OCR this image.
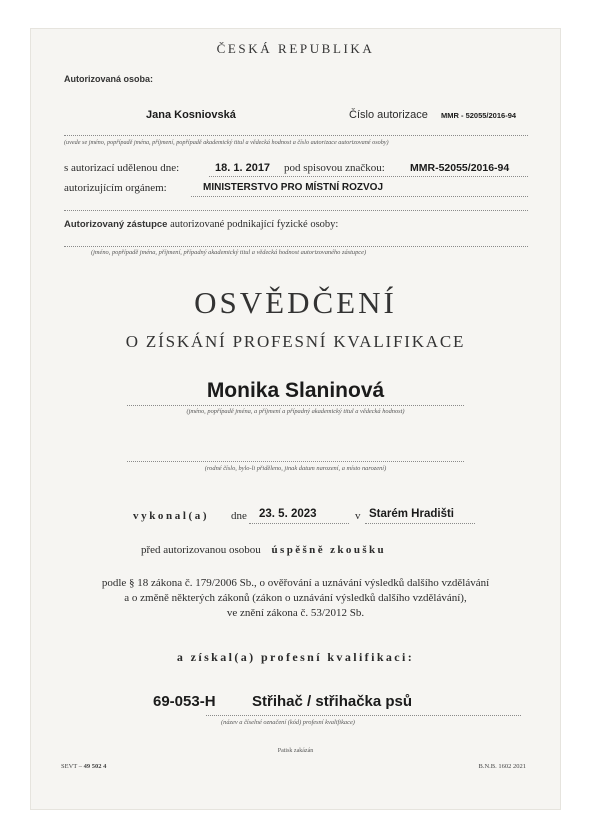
ČESKÁ REPUBLIKA
Autorizovaná osoba:
Jana Kosniovská	Číslo autorizace MMR - 52055/2016-94
(uvede se jméno, popřípadě jména, příjmení, popřípadě akademický titul a vědecká hodnost a číslo autorizace autorizované osoby)
s autorizací udělenou dne:	18. 1. 2017 pod spisovou značkou: MMR-52055/2016-94
autorizujícím orgánem:	MINISTERSTVO PRO MÍSTNÍ ROZVOJ
Autorizovaný zástupce autorizované podnikající fyzické osoby:
(jméno, popřípadě jména, příjmení, případný akademický titul a vědecká hodnost autorizovaného zástupce)
OSVĚDČENÍ
O ZÍSKÁNÍ PROFESNÍ KVALIFIKACE
Monika Slaninová
(jméno, popřípadě jména, a příjmení a případný akademický titul a vědecká hodnost)
(rodné číslo, bylo-li přiděleno, jinak datum narození, a místo narození)
vykonal(a) dne 23. 5. 2023	v Starém Hradišti
před autorizovanou osobou úspěšně zkoušku
podle § 18 zákona č. 179/2006 Sb., o ověřování a uznávání výsledků dalšího vzdělávání
a o změně některých zákonů (zákon o uznávání výsledků dalšího vzdělávání),
ve znění zákona č. 53/2012 Sb.
a získal(a) profesní kvalifikaci:
69-053-H Střihač / střihačka psů
(název a číselné označení (kód) profesní kvalifikace)
Patisk zakázán
SEVT – 49 502 4	B.N.B. 1602 2021
